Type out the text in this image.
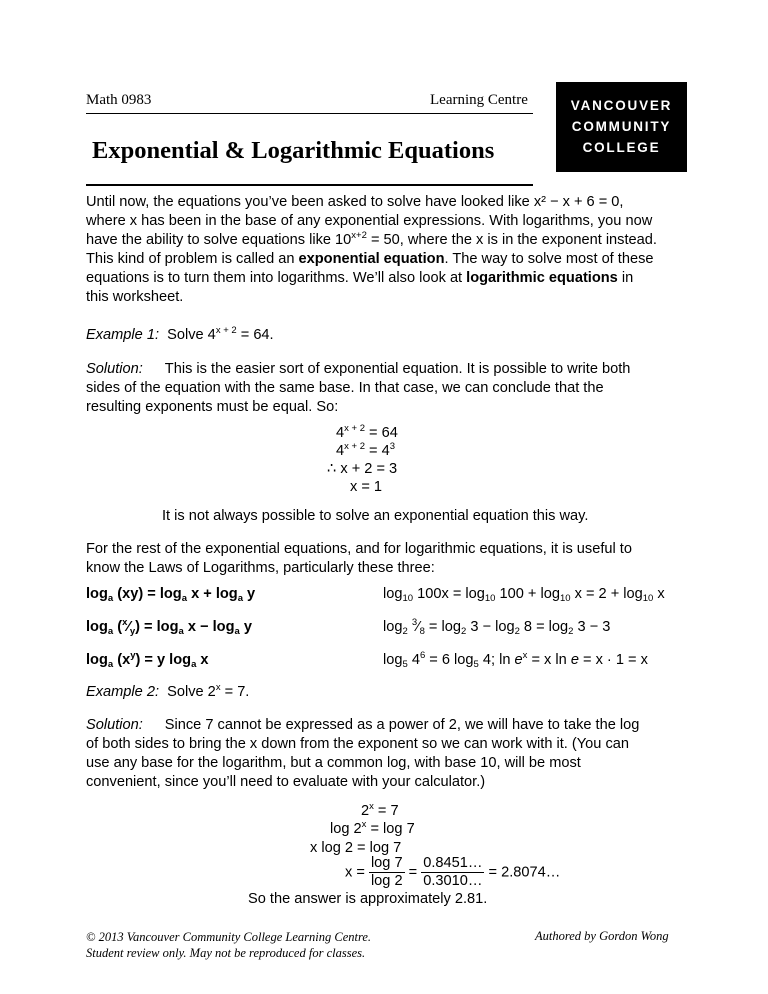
Math 0983	Learning Centre
Exponential & Logarithmic Equations
VANCOUVER
COMMUNITY
COLLEGE

Until now, the equations you’ve been asked to solve have looked like x² − x + 6 = 0,

where x has been in the base of any exponential expressions. With logarithms, you now

have the ability to solve equations like $10^{x+2} = 50$, where the x is in the exponent instead.

This kind of problem is called an exponential equation. The way to solve most of these

equations is to turn them into logarithms. We’ll also look at logarithmic equations in

this worksheet.

Example 1: Solve $4^{x + 2} = 64$.

Solution: This is the easier sort of exponential equation. It is possible to write both

sides of the equation with the same base. In that case, we can conclude that the

resulting exponents must be equal. So:

$4^{x + 2} = 64$
$4^{x + 2} = 4^3$
∴ x + 2 = 3
x = 1
It is not always possible to solve an exponential equation this way.

For the rest of the exponential equations, and for logarithmic equations, it is useful to

know the Laws of Logarithms, particularly these three:

$\log_a (xy) = \log_a x + \log_a y$	$\log_{10} 100x = \log_{10} 100 + \log_{10} x = 2 + \log_{10} x$
$\log_a$ $(^x⁄_y) = \log_a x - \log_a y$	$\log_2$ $^3⁄_8 = \log_2 3 - \log_2 8 = \log_2 3 - 3$
$\log_a (x^y) = y$ $\log_a x$	$\log_5 4^6 = 6$ $\log_5 4$; $\ln e^x = x$ ln e = x · 1 = x
Example 2: Solve $2^x = 7$.

Solution: Since 7 cannot be expressed as a power of 2, we will have to take the log

of both sides to bring the x down from the exponent so we can work with it. (You can

use any base for the logarithm, but a common log, with base 10, will be most

convenient, since you’ll need to evaluate with your calculator.)

$2^x = 7$
$\log 2^x = \log 7$
x log 2 = log 7
$x = \frac{\log 7}{\log 2} = \frac{0.8451\dots}{0.3010\dots}$ = 2.8074…
So the answer is approximately 2.81.
© 2013 Vancouver Community College Learning Centre.
Student review only. May not be reproduced for classes.
Authored by Gordon Wong
